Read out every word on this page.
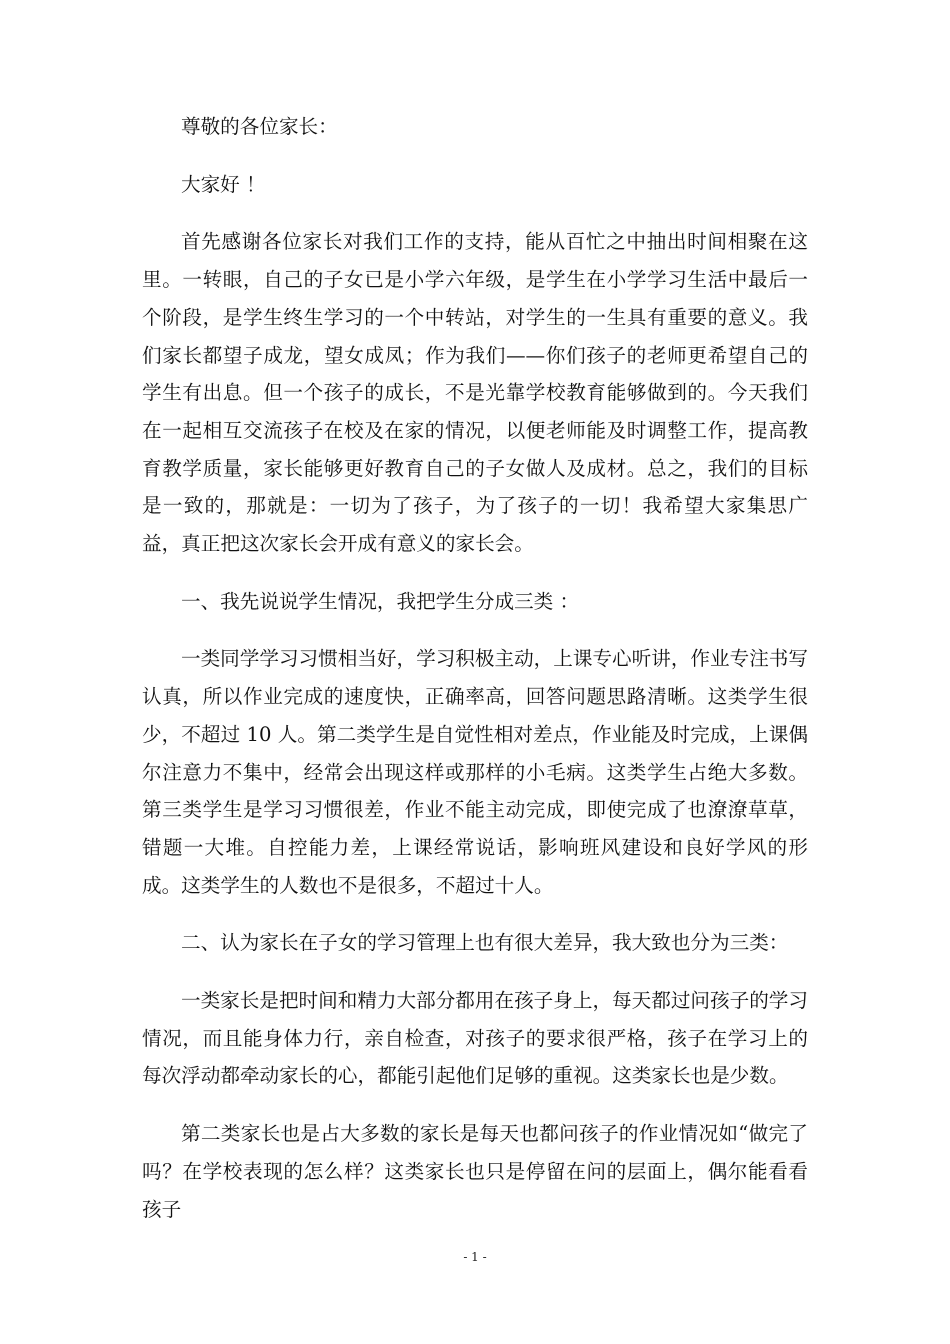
尊敬的各位家长：

大家好 ！

首先感谢各位家长对我们工作的支持，能从百忙之中抽出时间相聚在这里。一转眼，自己的子女已是小学六年级，是学生在小学学习生活中最后一个阶段，是学生终生学习的一个中转站，对学生的一生具有重要的意义。我们家长都望子成龙，望女成凤；作为我们——你们孩子的老师更希望自己的学生有出息。但一个孩子的成长，不是光靠学校教育能够做到的。今天我们在一起相互交流孩子在校及在家的情况，以便老师能及时调整工作，提高教育教学质量，家长能够更好教育自己的子女做人及成材。总之，我们的目标是一致的，那就是：一切为了孩子，为了孩子的一切！我希望大家集思广益，真正把这次家长会开成有意义的家长会。

一、我先说说学生情况，我把学生分成三类 ：

一类同学学习习惯相当好，学习积极主动，上课专心听讲，作业专注书写认真，所以作业完成的速度快，正确率高，回答问题思路清晰。这类学生很少，不超过 10 人。第二类学生是自觉性相对差点，作业能及时完成，上课偶尔注意力不集中，经常会出现这样或那样的小毛病。这类学生占绝大多数。第三类学生是学习习惯很差，作业不能主动完成，即使完成了也潦潦草草，错题一大堆。自控能力差，上课经常说话，影响班风建设和良好学风的形成。这类学生的人数也不是很多，不超过十人。

二、认为家长在子女的学习管理上也有很大差异，我大致也分为三类：

一类家长是把时间和精力大部分都用在孩子身上，每天都过问孩子的学习情况，而且能身体力行，亲自检查，对孩子的要求很严格，孩子在学习上的每次浮动都牵动家长的心，都能引起他们足够的重视。这类家长也是少数。

第二类家长也是占大多数的家长是每天也都问孩子的作业情况如“做完了吗？在学校表现的怎么样？这类家长也只是停留在问的层面上，偶尔能看看孩子

- 1 -
